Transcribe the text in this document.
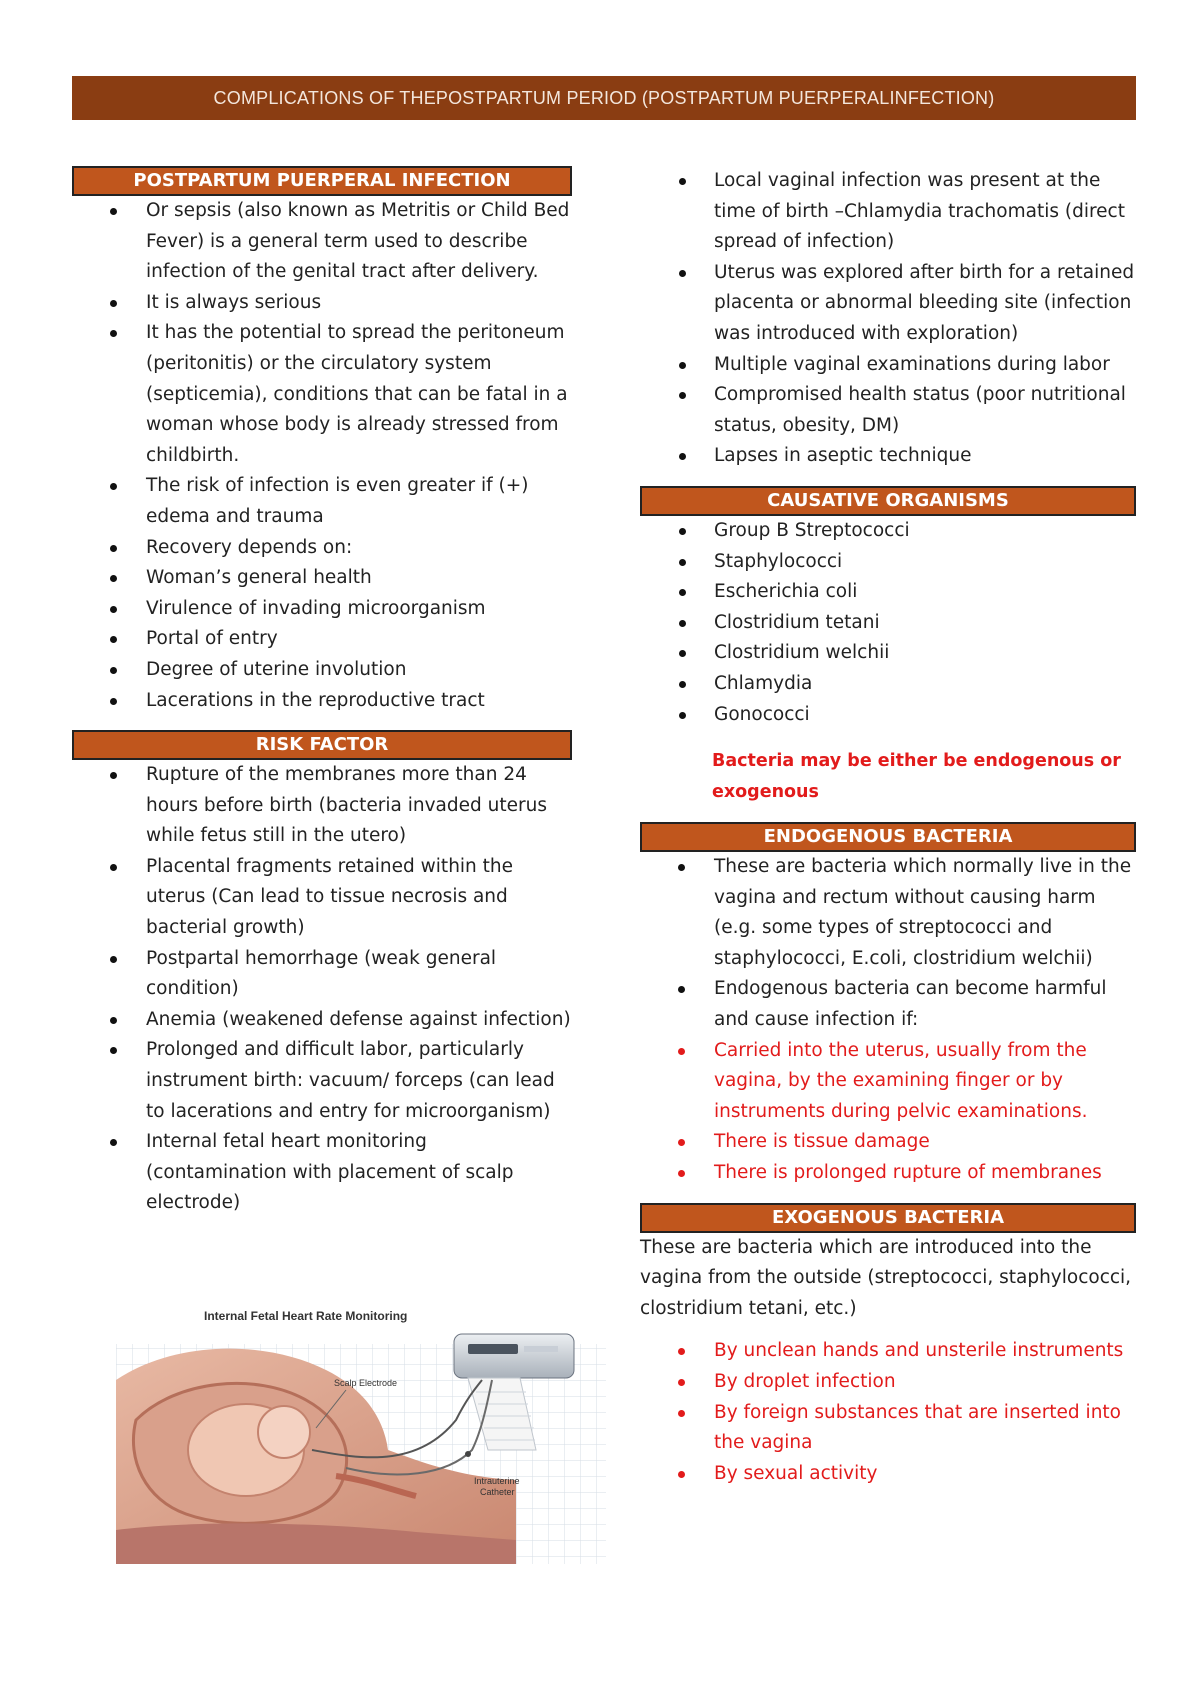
COMPLICATIONS OF THEPOSTPARTUM PERIOD (POSTPARTUM PUERPERALINFECTION)
POSTPARTUM PUERPERAL INFECTION
Or sepsis (also known as Metritis or Child Bed Fever) is a general term used to describe infection of the genital tract after delivery.
It is always serious
It has the potential to spread the peritoneum (peritonitis) or the circulatory system (septicemia), conditions that can be fatal in a woman whose body is already stressed from childbirth.
The risk of infection is even greater if (+) edema and trauma
Recovery depends on:
Woman’s general health
Virulence of invading microorganism
Portal of entry
Degree of uterine involution
Lacerations in the reproductive tract
RISK FACTOR
Rupture of the membranes more than 24 hours before birth (bacteria invaded uterus while fetus still in the utero)
Placental fragments retained within the uterus (Can lead to tissue necrosis and bacterial growth)
Postpartal hemorrhage (weak general condition)
Anemia (weakened defense against infection)
Prolonged and difficult labor, particularly instrument birth: vacuum/ forceps (can lead to lacerations and entry for microorganism)
Internal fetal heart monitoring (contamination with placement of scalp electrode)
Internal Fetal Heart Rate Monitoring
Scalp Electrode
Intrauterine
Catheter
Local vaginal infection was present at the time of birth –Chlamydia trachomatis (direct spread of infection)
Uterus was explored after birth for a retained placenta or abnormal bleeding site (infection was introduced with exploration)
Multiple vaginal examinations during labor
Compromised health status (poor nutritional status, obesity, DM)
Lapses in aseptic technique
CAUSATIVE ORGANISMS
Group B Streptococci
Staphylococci
Escherichia coli
Clostridium tetani
Clostridium welchii
Chlamydia
Gonococci
Bacteria may be either be endogenous or exogenous
ENDOGENOUS BACTERIA
These are bacteria which normally live in the vagina and rectum without causing harm (e.g. some types of streptococci and staphylococci, E.coli, clostridium welchii)
Endogenous bacteria can become harmful and cause infection if:
Carried into the uterus, usually from the vagina, by the examining finger or by instruments during pelvic examinations.
There is tissue damage
There is prolonged rupture of membranes
EXOGENOUS BACTERIA

These are bacteria which are introduced into the vagina from the outside (streptococci, staphylococci, clostridium tetani, etc.)

By unclean hands and unsterile instruments
By droplet infection
By foreign substances that are inserted into the vagina
By sexual activity
